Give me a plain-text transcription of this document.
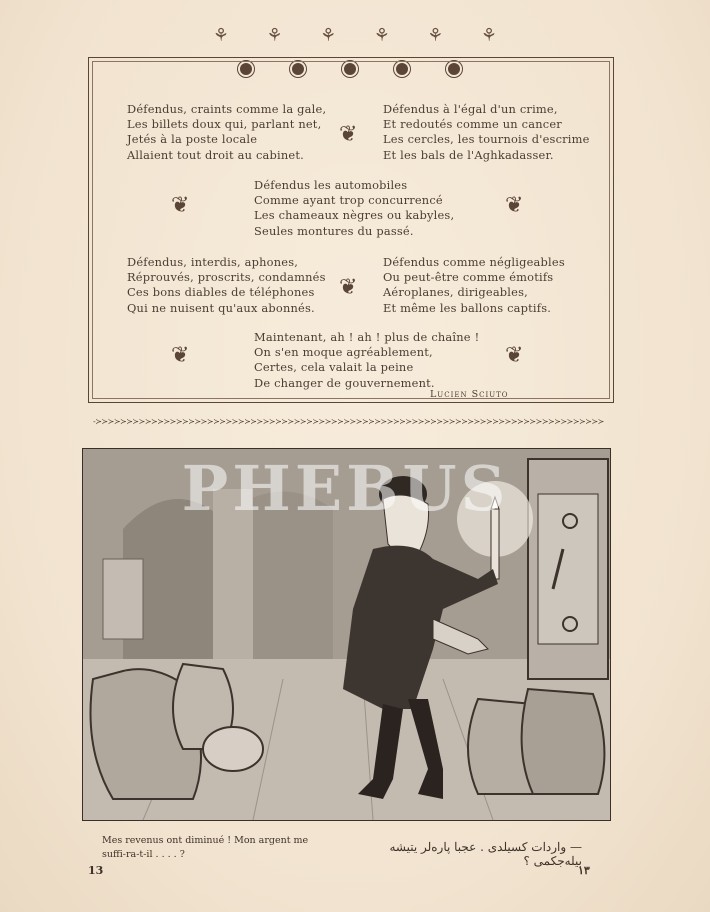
⚘ ⚘ ⚘ ⚘ ⚘ ⚘
Défendus, craints comme la gale,
Les billets doux qui, parlant net,
Jetés à la poste locale
Allaient tout droit au cabinet.
Défendus à l'égal d'un crime,
Et redoutés comme un cancer
Les cercles, les tournois d'escrime
Et les bals de l'Aghkadasser.
❦
Défendus les automobiles
Comme ayant trop concurrencé
Les chameaux nègres ou kabyles,
Seules montures du passé.
❦	❦
Défendus, interdis, aphones,
Réprouvés, proscrits, condamnés
Ces bons diables de téléphones
Qui ne nuisent qu'aux abonnés.
Défendus comme négligeables
Ou peut-être comme émotifs
Aéroplanes, dirigeables,
Et même les ballons captifs.
❦
Maintenant, ah ! ah ! plus de chaîne !
On s'en moque agréablement,
Certes, cela valait la peine
De changer de gouvernement.
❦	❦
Lucien Sciuto
-≻≻≻≻≻≻≻≻≻≻≻≻≻≻≻≻≻≻≻≻≻≻≻≻≻≻≻≻≻≻≻≻≻≻≻≻≻≻≻≻≻≻≻≻≻≻≻≻≻≻≻≻≻≻≻≻≻≻≻≻≻≻≻≻≻≻≻≻≻≻≻≻≻≻≻≻≻≻≻≻≻≻
PHEBUS
Mes revenus ont diminué ! Mon argent me suffi-ra-t-il . . . . ?
— واردات كسيلدى . عجبا پارەلر يتيشه بيلەجكمى ؟
13	١٣
